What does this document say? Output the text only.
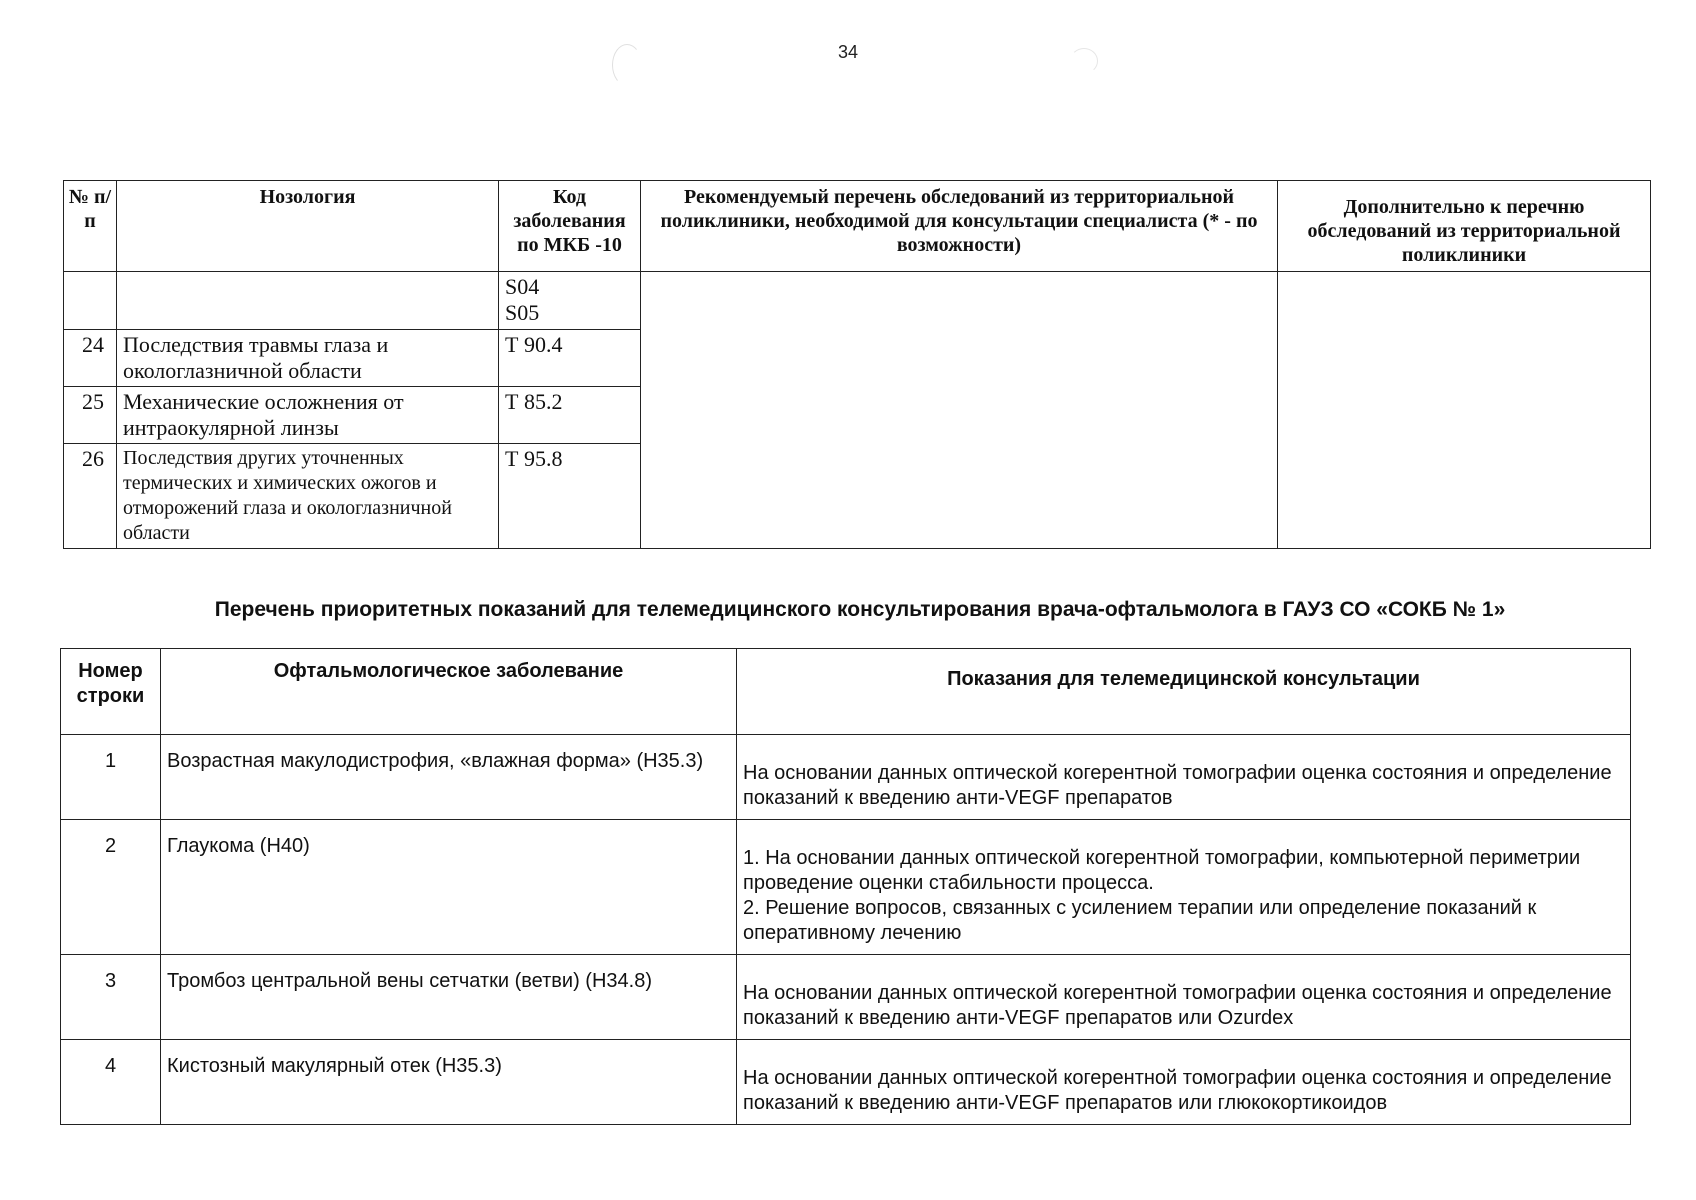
34
№ п/п	Нозология	Код заболевания по МКБ -10	Рекомендуемый перечень обследований из территориальной поликлиники, необходимой для консультации специалиста (* - по возможности)	Дополнительно к перечню обследований из территориальной поликлиники

		S04
S05		

24	Последствия травмы глаза и окологлазничной области	Т 90.4		

25	Механические осложнения от интраокулярной линзы	Т 85.2		

26	Последствия других уточненных термических и химических ожогов и отморожений глаза и окологлазничной области	Т 95.8		
Перечень приоритетных показаний для телемедицинского консультирования врача-офтальмолога в ГАУЗ СО «СОКБ № 1»
Номер строки	Офтальмологическое заболевание	Показания для телемедицинской консультации
1	Возрастная макулодистрофия, «влажная форма» (Н35.3)	На основании данных оптической когерентной томографии оценка состояния и определение показаний к введению анти-VEGF препаратов

2	Глаукома (Н40)	1. На основании данных оптической когерентной томографии, компьютерной периметрии проведение оценки стабильности процесса.
2. Решение вопросов, связанных с усилением терапии или определение показаний к оперативному лечению

3	Тромбоз центральной вены сетчатки (ветви) (Н34.8)	На основании данных оптической когерентной томографии оценка состояния и определение показаний к введению анти-VEGF препаратов или Ozurdex

4	Кистозный макулярный отек (Н35.3)	На основании данных оптической когерентной томографии оценка состояния и определение показаний к введению анти-VEGF препаратов или глюкокортикоидов
